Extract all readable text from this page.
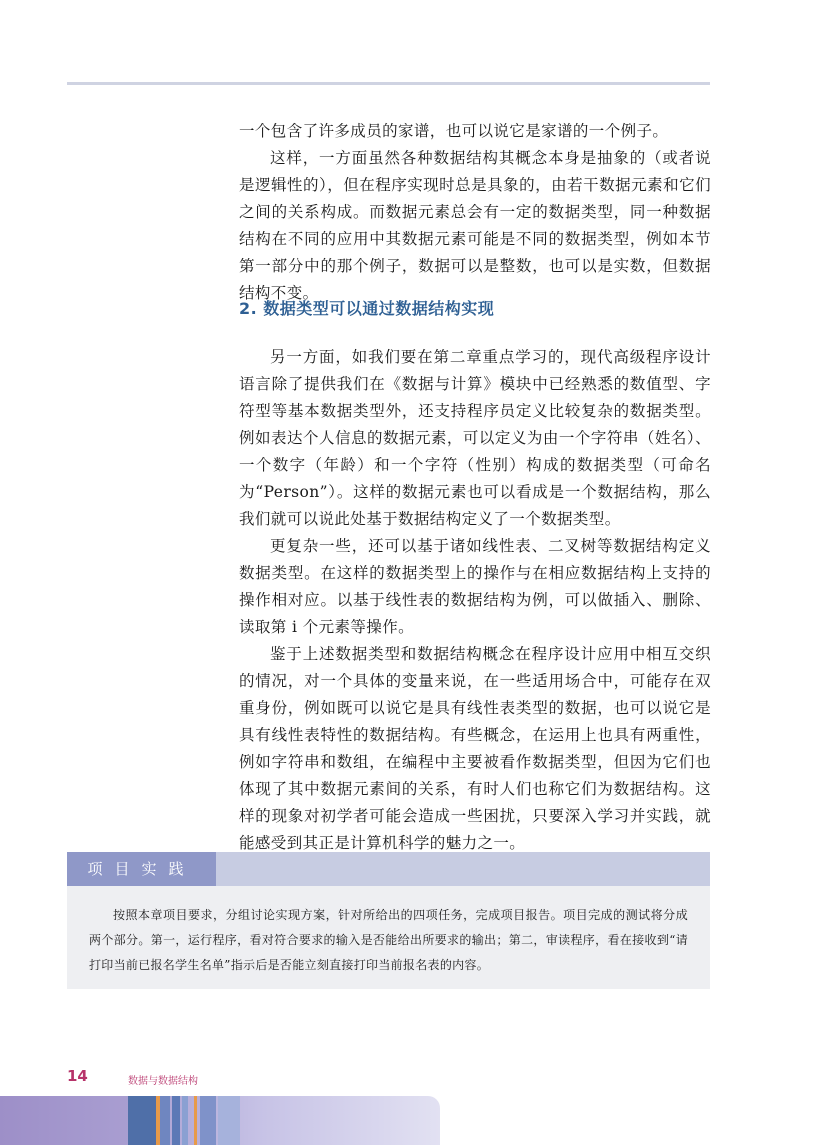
一个包含了许多成员的家谱，也可以说它是家谱的一个例子。

这样，一方面虽然各种数据结构其概念本身是抽象的（或者说是逻辑性的），但在程序实现时总是具象的，由若干数据元素和它们之间的关系构成。而数据元素总会有一定的数据类型，同一种数据结构在不同的应用中其数据元素可能是不同的数据类型，例如本节第一部分中的那个例子，数据可以是整数，也可以是实数，但数据结构不变。

2. 数据类型可以通过数据结构实现

另一方面，如我们要在第二章重点学习的，现代高级程序设计语言除了提供我们在《数据与计算》模块中已经熟悉的数值型、字符型等基本数据类型外，还支持程序员定义比较复杂的数据类型。例如表达个人信息的数据元素，可以定义为由一个字符串（姓名）、一个数字（年龄）和一个字符（性别）构成的数据类型（可命名为“Person”）。这样的数据元素也可以看成是一个数据结构，那么我们就可以说此处基于数据结构定义了一个数据类型。

更复杂一些，还可以基于诸如线性表、二叉树等数据结构定义数据类型。在这样的数据类型上的操作与在相应数据结构上支持的操作相对应。以基于线性表的数据结构为例，可以做插入、删除、读取第 i 个元素等操作。

鉴于上述数据类型和数据结构概念在程序设计应用中相互交织的情况，对一个具体的变量来说，在一些适用场合中，可能存在双重身份，例如既可以说它是具有线性表类型的数据，也可以说它是具有线性表特性的数据结构。有些概念，在运用上也具有两重性，例如字符串和数组，在编程中主要被看作数据类型，但因为它们也体现了其中数据元素间的关系，有时人们也称它们为数据结构。这样的现象对初学者可能会造成一些困扰，只要深入学习并实践，就能感受到其正是计算机科学的魅力之一。

项目实践

按照本章项目要求，分组讨论实现方案，针对所给出的四项任务，完成项目报告。项目完成的测试将分成两个部分。第一，运行程序，看对符合要求的输入是否能给出所要求的输出；第二，审读程序，看在接收到“请打印当前已报名学生名单”指示后是否能立刻直接打印当前报名表的内容。

14	数据与数据结构
